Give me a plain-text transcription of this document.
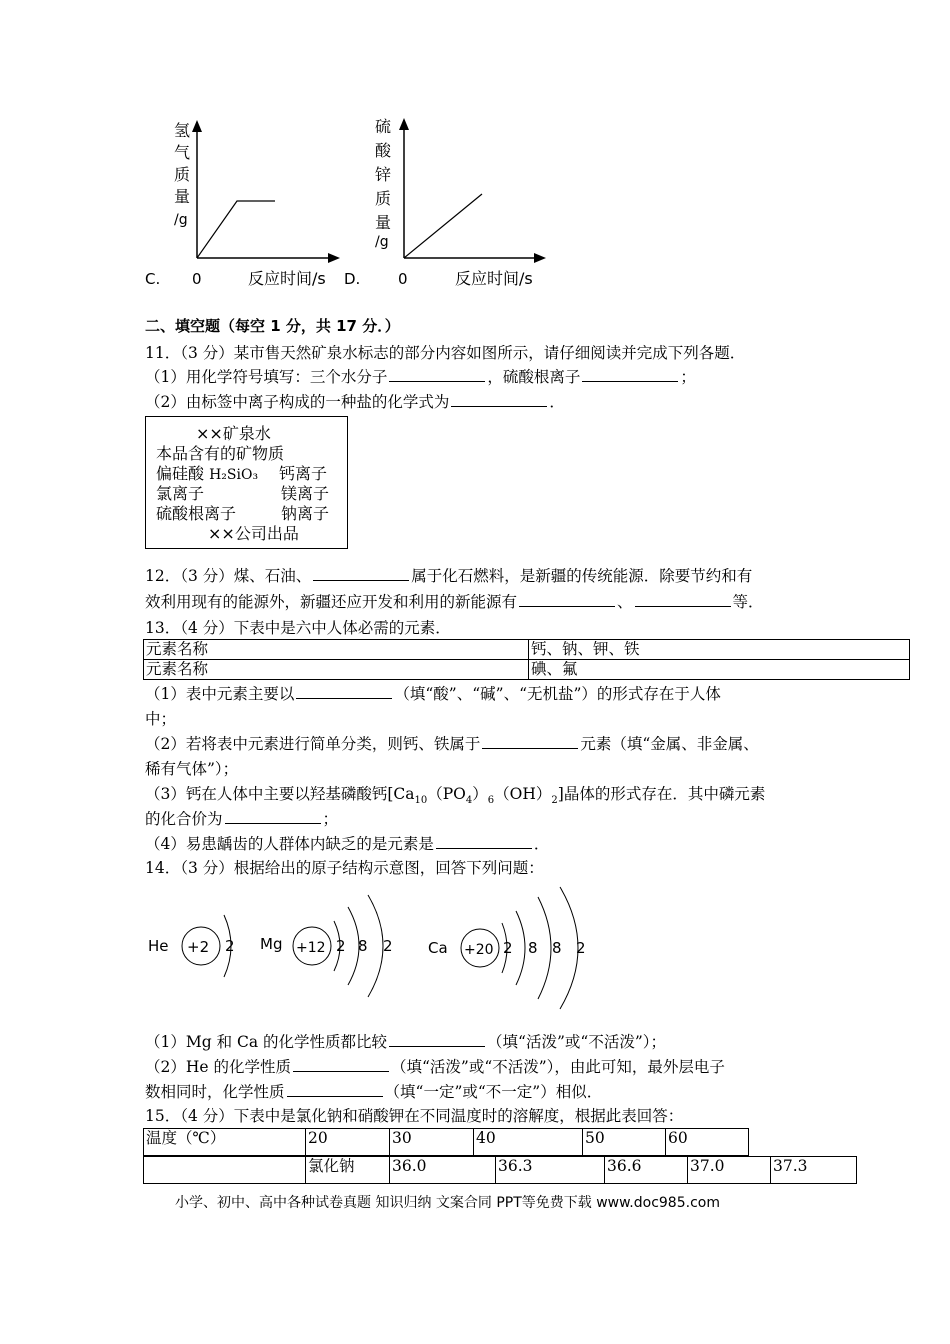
氢
气
质
量
/g
C. 0	反应时间/s D.
硫
酸
锌
质
量
/g
0	反应时间/s
二、填空题（每空 1 分，共 17 分．）
11．（3 分）某市售天然矿泉水标志的部分内容如图所示，请仔细阅读并完成下列各题．
（1）用化学符号填写：三个水分子	，硫酸根离子	；
（2）由标签中离子构成的一种盐的化学式为	．
××矿泉水
本品含有的矿物质
偏硅酸 H₂SiO₃ 钙离子
氯离子	镁离子
硫酸根离子	钠离子
××公司出品
12．（3 分）煤、石油、	属于化石燃料，是新疆的传统能源．除要节约和有
效利用现有的能源外，新疆还应开发和利用的新能源有	、	等．
13．（4 分）下表中是六中人体必需的元素．
元素名称	钙、钠、钾、铁
元素名称	碘、氟
（1）表中元素主要以	（填“酸”、“碱”、“无机盐”）的形式存在于人体
中；
（2）若将表中元素进行简单分类，则钙、铁属于	元素（填“金属、非金属、
稀有气体”）；
（3）钙在人体中主要以羟基磷酸钙$[Ca_{10}(PO_4)_6(OH)_2]$晶体的形式存在．其中磷元素
的化合价为	；
（4）易患龋齿的人群体内缺乏的是元素是	．
14．（3 分）根据给出的原子结构示意图，回答下列问题：
He +2 2 Mg +12 2 8 2 Ca +20 2 8 8 2
（1）Mg 和 Ca 的化学性质都比较	（填“活泼”或“不活泼”）；
（2）He 的化学性质	（填“活泼”或“不活泼”），由此可知，最外层电子
数相同时，化学性质	（填“一定”或“不一定”）相似．
15．（4 分）下表中是氯化钠和硝酸钾在不同温度时的溶解度，根据此表回答：
温度（℃）	20	30	40	50	60
	氯化钠	36.0	36.3	36.6	37.0	37.3
小学、初中、高中各种试卷真题 知识归纳 文案合同 PPT等免费下载 www.doc985.com
